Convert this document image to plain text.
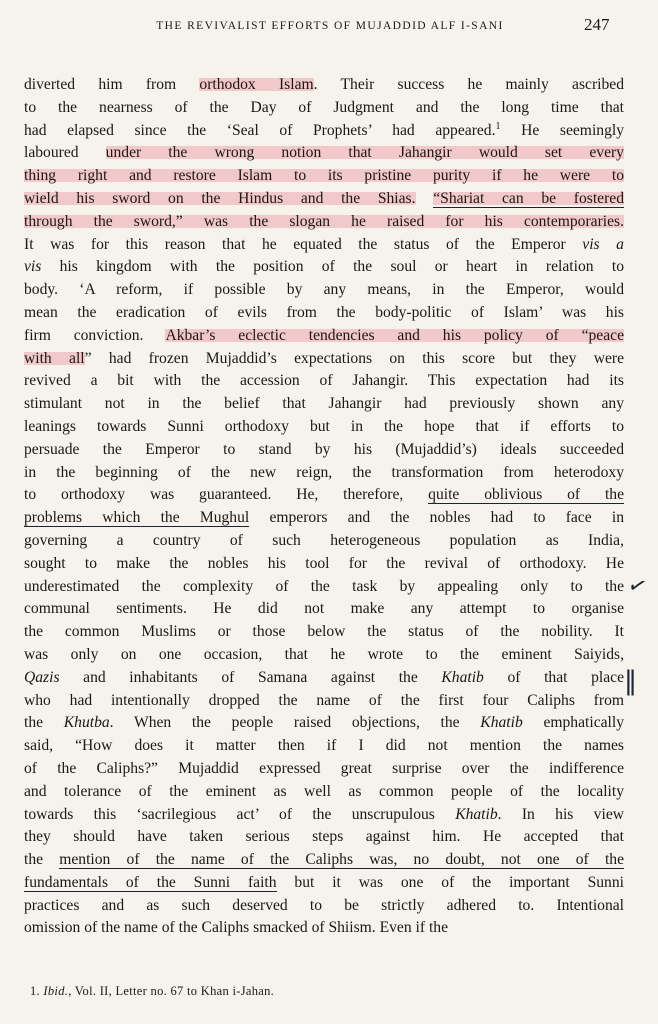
THE REVIVALIST EFFORTS OF MUJADDID ALF I-SANI	247
diverted him from orthodox Islam. Their success he mainly ascribed
to the nearness of the Day of Judgment and the long time that
had elapsed since the ‘Seal of Prophets’ had appeared.$^1$ He seemingly
laboured under the wrong notion that Jahangir would set every
thing right and restore Islam to its pristine purity if he were to
wield his sword on the Hindus and the Shias. “Shariat can be fostered
through the sword,” was the slogan he raised for his contemporaries.
It was for this reason that he equated the status of the Emperor vis a
vis his kingdom with the position of the soul or heart in relation to
body. ‘A reform, if possible by any means, in the Emperor, would
mean the eradication of evils from the body-politic of Islam’ was his
firm conviction. Akbar’s eclectic tendencies and his policy of “peace
with all” had frozen Mujaddid’s expectations on this score but they were
revived a bit with the accession of Jahangir. This expectation had its
stimulant not in the belief that Jahangir had previously shown any
leanings towards Sunni orthodoxy but in the hope that if efforts to
persuade the Emperor to stand by his (Mujaddid’s) ideals succeeded
in the beginning of the new reign, the transformation from heterodoxy
to orthodoxy was guaranteed. He, therefore, quite oblivious of the
problems which the Mughul emperors and the nobles had to face in
governing a country of such heterogeneous population as India,
sought to make the nobles his tool for the revival of orthodoxy. He
underestimated the complexity of the task by appealing only to the
communal sentiments. He did not make any attempt to organise
the common Muslims or those below the status of the nobility. It
was only on one occasion, that he wrote to the eminent Saiyids,
Qazis and inhabitants of Samana against the Khatib of that place
who had intentionally dropped the name of the first four Caliphs from
the Khutba. When the people raised objections, the Khatib emphatically
said, “How does it matter then if I did not mention the names
of the Caliphs?” Mujaddid expressed great surprise over the indifference
and tolerance of the eminent as well as common people of the locality
towards this ‘sacrilegious act’ of the unscrupulous Khatib. In his view
they should have taken serious steps against him. He accepted that
the mention of the name of the Caliphs was, no doubt, not one of the
fundamentals of the Sunni faith but it was one of the important Sunni
practices and as such deserved to be strictly adhered to. Intentional
omission of the name of the Caliphs smacked of Shiism. Even if the
✓
‖
1. Ibid., Vol. II, Letter no. 67 to Khan i-Jahan.
